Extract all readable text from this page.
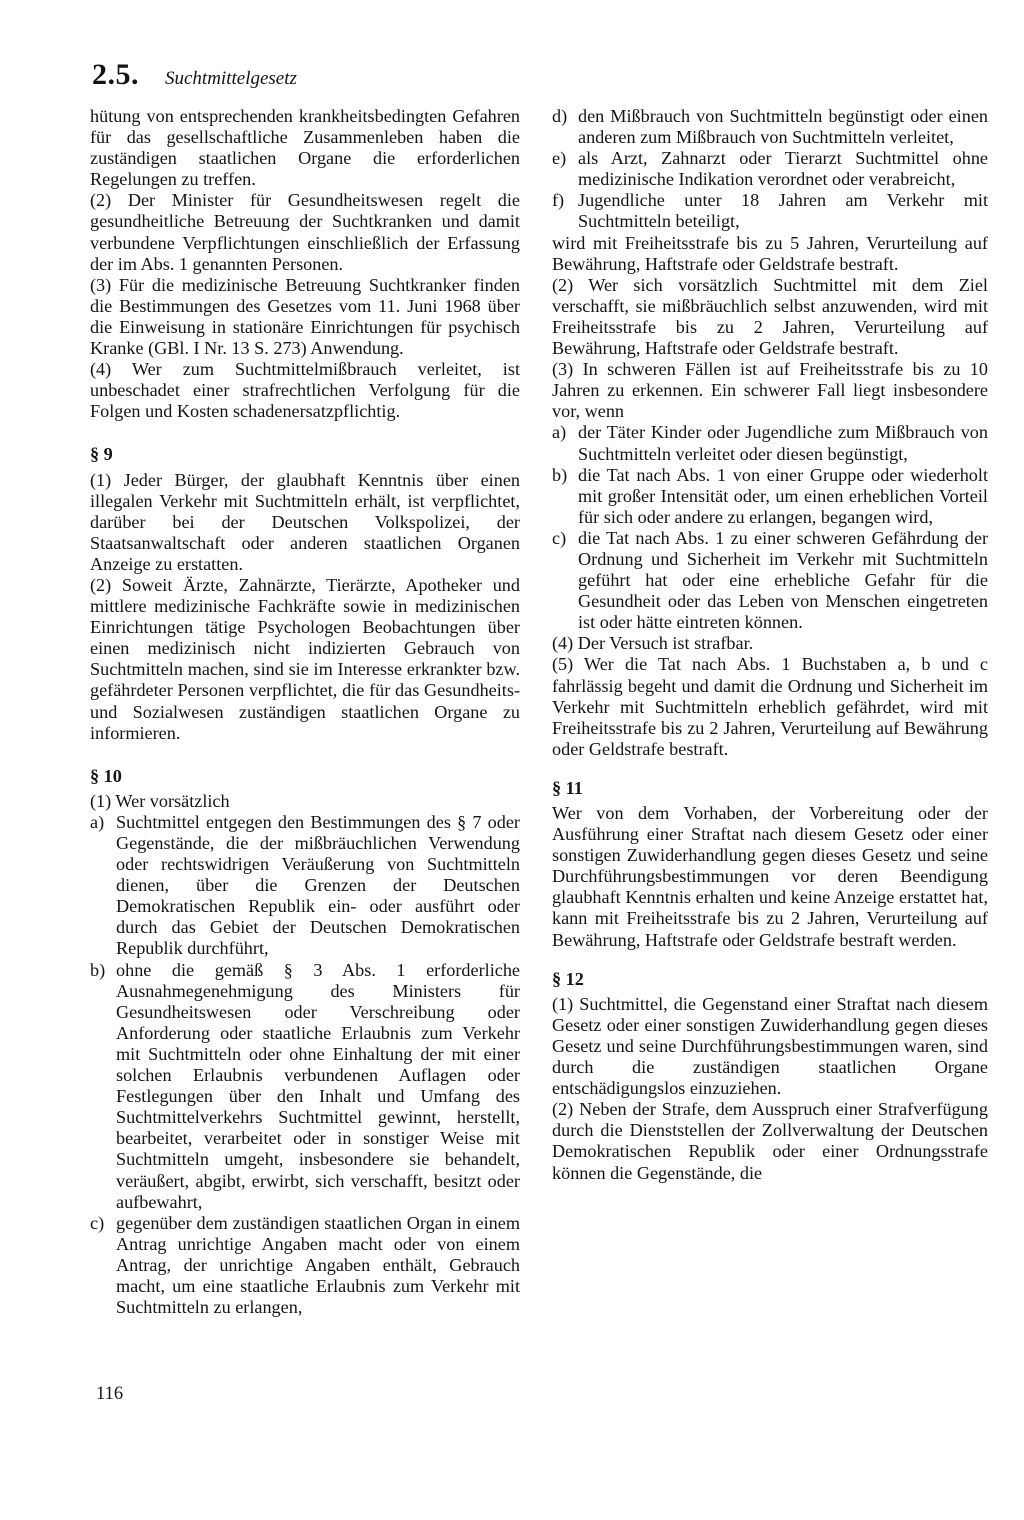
2.5. Suchtmittelgesetz

hütung von entsprechenden krankheitsbedingten Gefahren für das gesellschaftliche Zusammenleben haben die zuständigen staatlichen Organe die erforderlichen Regelungen zu treffen.

(2) Der Minister für Gesundheitswesen regelt die gesundheitliche Betreuung der Suchtkranken und damit verbundene Verpflichtungen einschließlich der Erfassung der im Abs. 1 genannten Personen.

(3) Für die medizinische Betreuung Suchtkranker finden die Bestimmungen des Gesetzes vom 11. Juni 1968 über die Einweisung in stationäre Einrichtungen für psychisch Kranke (GBl. I Nr. 13 S. 273) Anwendung.

(4) Wer zum Suchtmittelmißbrauch verleitet, ist unbeschadet einer strafrechtlichen Verfolgung für die Folgen und Kosten schadenersatzpflichtig.

§ 9

(1) Jeder Bürger, der glaubhaft Kenntnis über einen illegalen Verkehr mit Suchtmitteln erhält, ist verpflichtet, darüber bei der Deutschen Volkspolizei, der Staatsanwaltschaft oder anderen staatlichen Organen Anzeige zu erstatten.

(2) Soweit Ärzte, Zahnärzte, Tierärzte, Apotheker und mittlere medizinische Fachkräfte sowie in medizinischen Einrichtungen tätige Psychologen Beobachtungen über einen medizinisch nicht indizierten Gebrauch von Suchtmitteln machen, sind sie im Interesse erkrankter bzw. gefährdeter Personen verpflichtet, die für das Gesundheits- und Sozialwesen zuständigen staatlichen Organe zu informieren.

§ 10

(1) Wer vorsätzlich

a) Suchtmittel entgegen den Bestimmungen des § 7 oder Gegenstände, die der mißbräuchlichen Verwendung oder rechtswidrigen Veräußerung von Suchtmitteln dienen, über die Grenzen der Deutschen Demokratischen Republik ein- oder ausführt oder durch das Gebiet der Deutschen Demokratischen Republik durchführt,
b) ohne die gemäß § 3 Abs. 1 erforderliche Ausnahmegenehmigung des Ministers für Gesundheitswesen oder Verschreibung oder Anforderung oder staatliche Erlaubnis zum Verkehr mit Suchtmitteln oder ohne Einhaltung der mit einer solchen Erlaubnis verbundenen Auflagen oder Festlegungen über den Inhalt und Umfang des Suchtmittelverkehrs Suchtmittel gewinnt, herstellt, bearbeitet, verarbeitet oder in sonstiger Weise mit Suchtmitteln umgeht, insbesondere sie behandelt, veräußert, abgibt, erwirbt, sich verschafft, besitzt oder aufbewahrt,
c) gegenüber dem zuständigen staatlichen Organ in einem Antrag unrichtige Angaben macht oder von einem Antrag, der unrichtige Angaben enthält, Gebrauch macht, um eine staatliche Erlaubnis zum Verkehr mit Suchtmitteln zu erlangen,
d) den Mißbrauch von Suchtmitteln begünstigt oder einen anderen zum Mißbrauch von Suchtmitteln verleitet,
e) als Arzt, Zahnarzt oder Tierarzt Suchtmittel ohne medizinische Indikation verordnet oder verabreicht,
f) Jugendliche unter 18 Jahren am Verkehr mit Suchtmitteln beteiligt,

wird mit Freiheitsstrafe bis zu 5 Jahren, Verurteilung auf Bewährung, Haftstrafe oder Geldstrafe bestraft.

(2) Wer sich vorsätzlich Suchtmittel mit dem Ziel verschafft, sie mißbräuchlich selbst anzuwenden, wird mit Freiheitsstrafe bis zu 2 Jahren, Verurteilung auf Bewährung, Haftstrafe oder Geldstrafe bestraft.

(3) In schweren Fällen ist auf Freiheitsstrafe bis zu 10 Jahren zu erkennen. Ein schwerer Fall liegt insbesondere vor, wenn

a) der Täter Kinder oder Jugendliche zum Mißbrauch von Suchtmitteln verleitet oder diesen begünstigt,
b) die Tat nach Abs. 1 von einer Gruppe oder wiederholt mit großer Intensität oder, um einen erheblichen Vorteil für sich oder andere zu erlangen, begangen wird,
c) die Tat nach Abs. 1 zu einer schweren Gefährdung der Ordnung und Sicherheit im Verkehr mit Suchtmitteln geführt hat oder eine erhebliche Gefahr für die Gesundheit oder das Leben von Menschen eingetreten ist oder hätte eintreten können.

(4) Der Versuch ist strafbar.

(5) Wer die Tat nach Abs. 1 Buchstaben a, b und c fahrlässig begeht und damit die Ordnung und Sicherheit im Verkehr mit Suchtmitteln erheblich gefährdet, wird mit Freiheitsstrafe bis zu 2 Jahren, Verurteilung auf Bewährung oder Geldstrafe bestraft.

§ 11

Wer von dem Vorhaben, der Vorbereitung oder der Ausführung einer Straftat nach diesem Gesetz oder einer sonstigen Zuwiderhandlung gegen dieses Gesetz und seine Durchführungsbestimmungen vor deren Beendigung glaubhaft Kenntnis erhalten und keine Anzeige erstattet hat, kann mit Freiheitsstrafe bis zu 2 Jahren, Verurteilung auf Bewährung, Haftstrafe oder Geldstrafe bestraft werden.

§ 12

(1) Suchtmittel, die Gegenstand einer Straftat nach diesem Gesetz oder einer sonstigen Zuwiderhandlung gegen dieses Gesetz und seine Durchführungsbestimmungen waren, sind durch die zuständigen staatlichen Organe entschädigungslos einzuziehen.

(2) Neben der Strafe, dem Ausspruch einer Strafverfügung durch die Dienststellen der Zollverwaltung der Deutschen Demokratischen Republik oder einer Ordnungsstrafe können die Gegenstände, die

116
